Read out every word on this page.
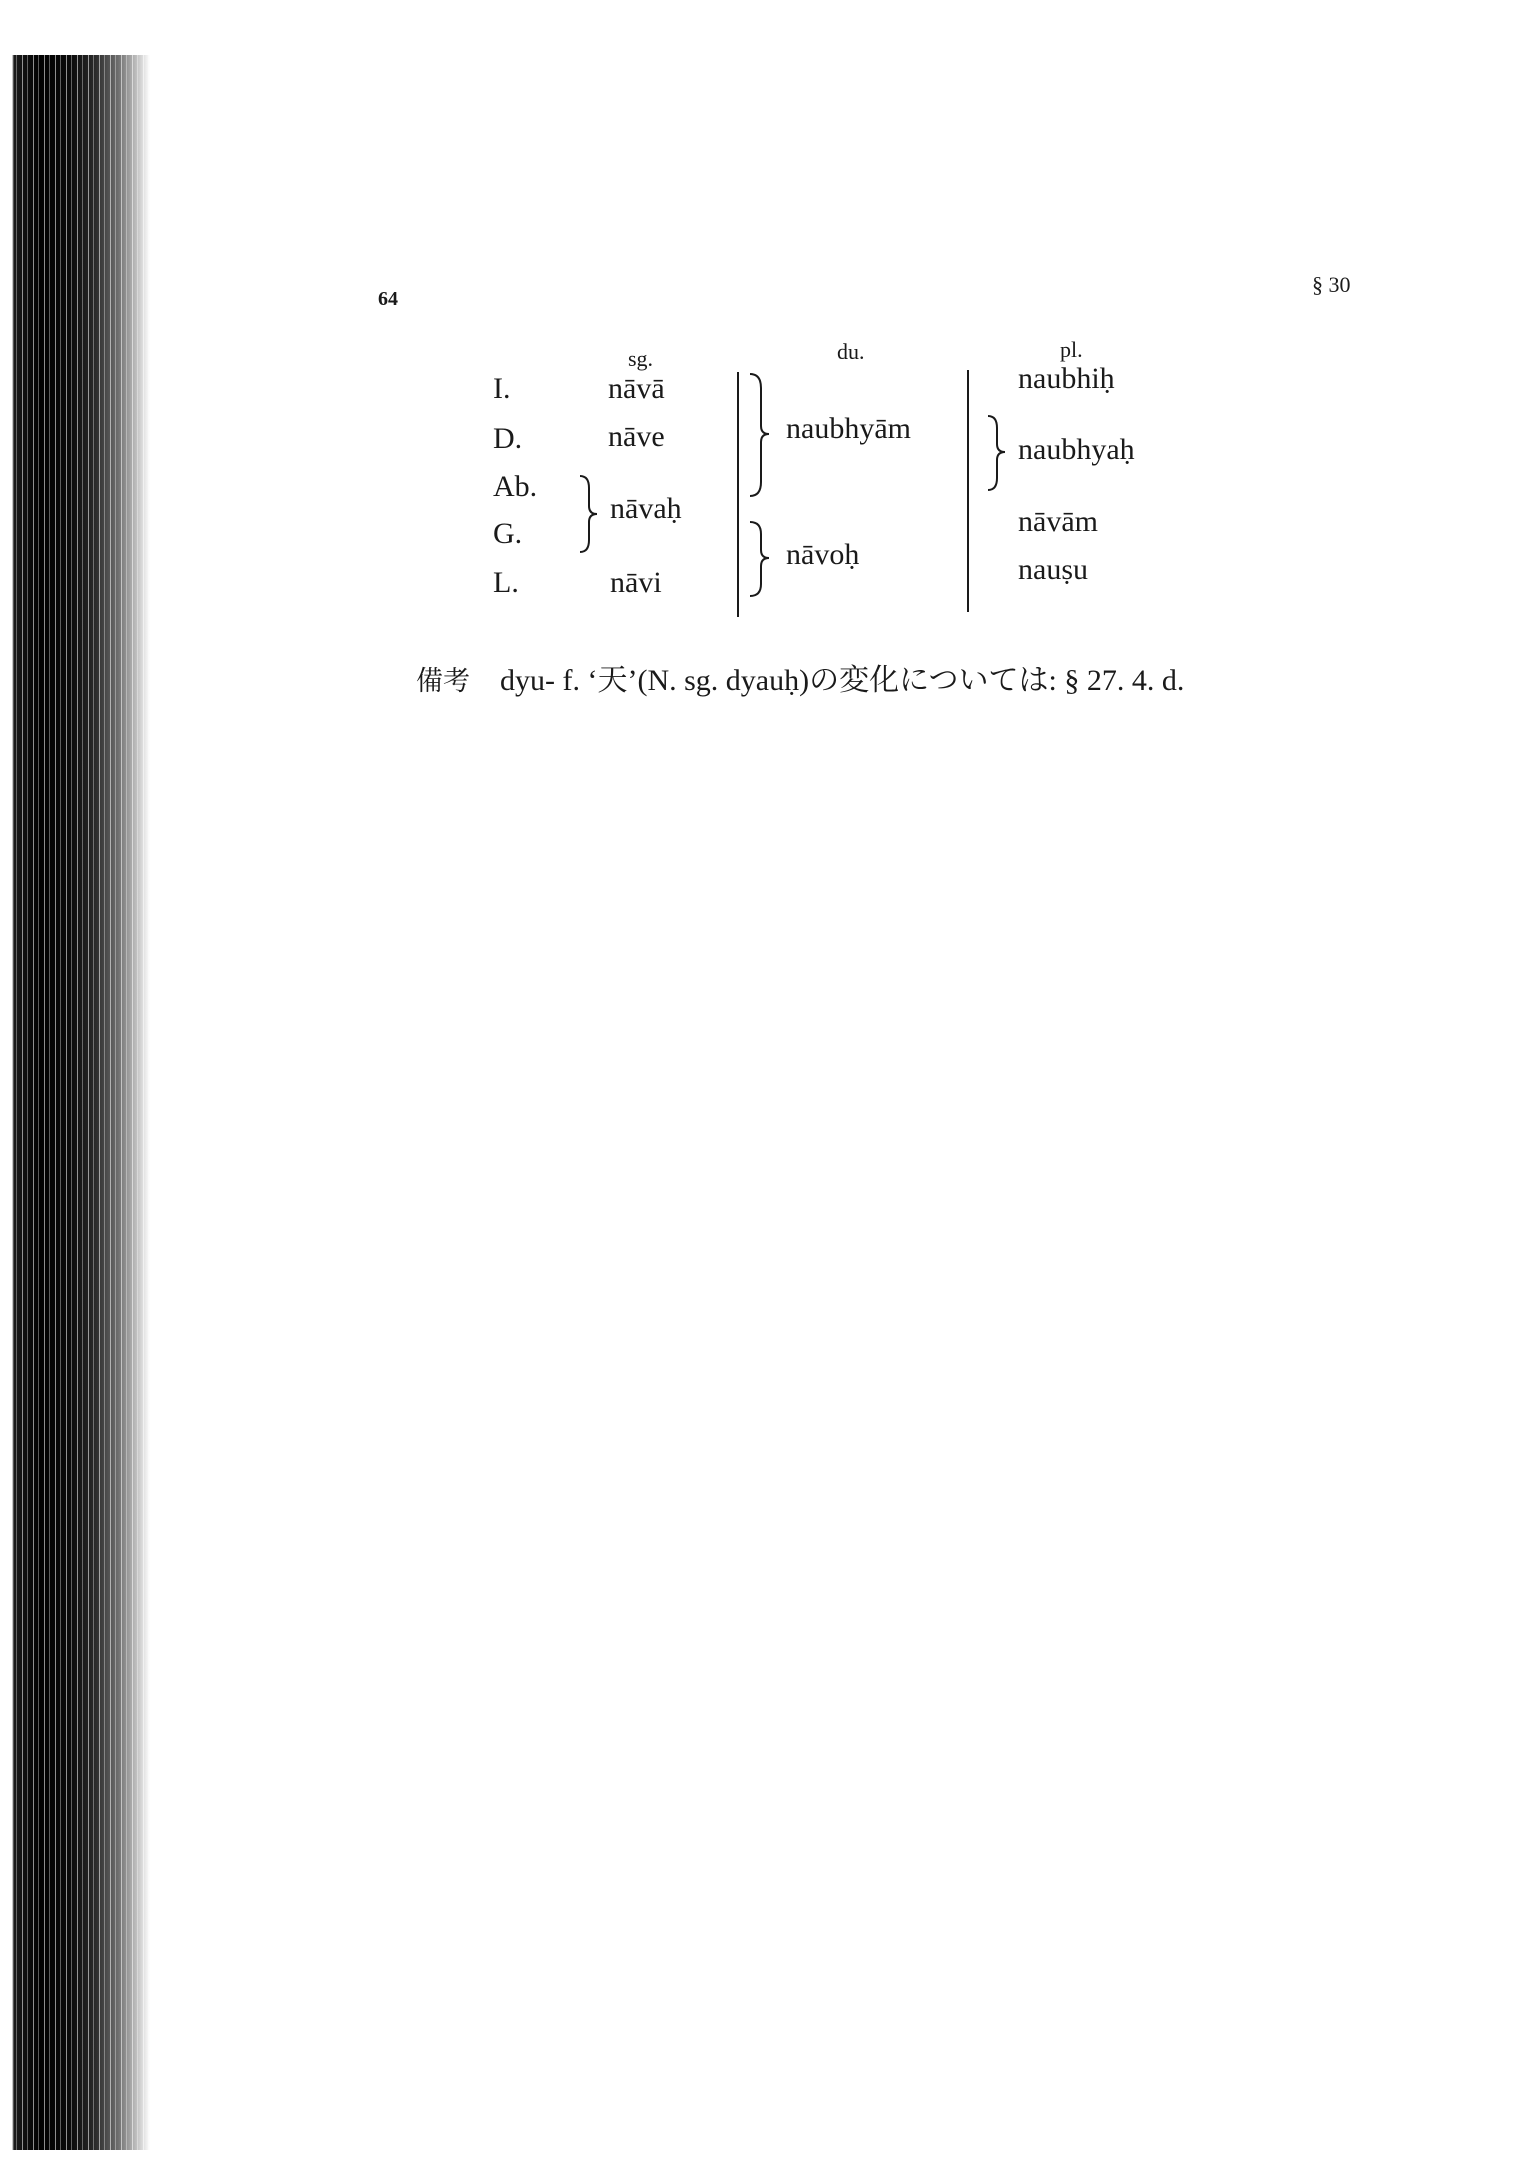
64
§ 30
sg.	du.	pl.
I.
D.
Ab.
G.
L.
nāvā
nāve
nāvaḥ
nāvi
naubhyām
nāvoḥ
naubhiḥ
naubhyaḥ
nāvām
nauṣu
備考 dyu- f. ‘天’(N. sg. dyauḥ)の変化については: § 27. 4. d.
